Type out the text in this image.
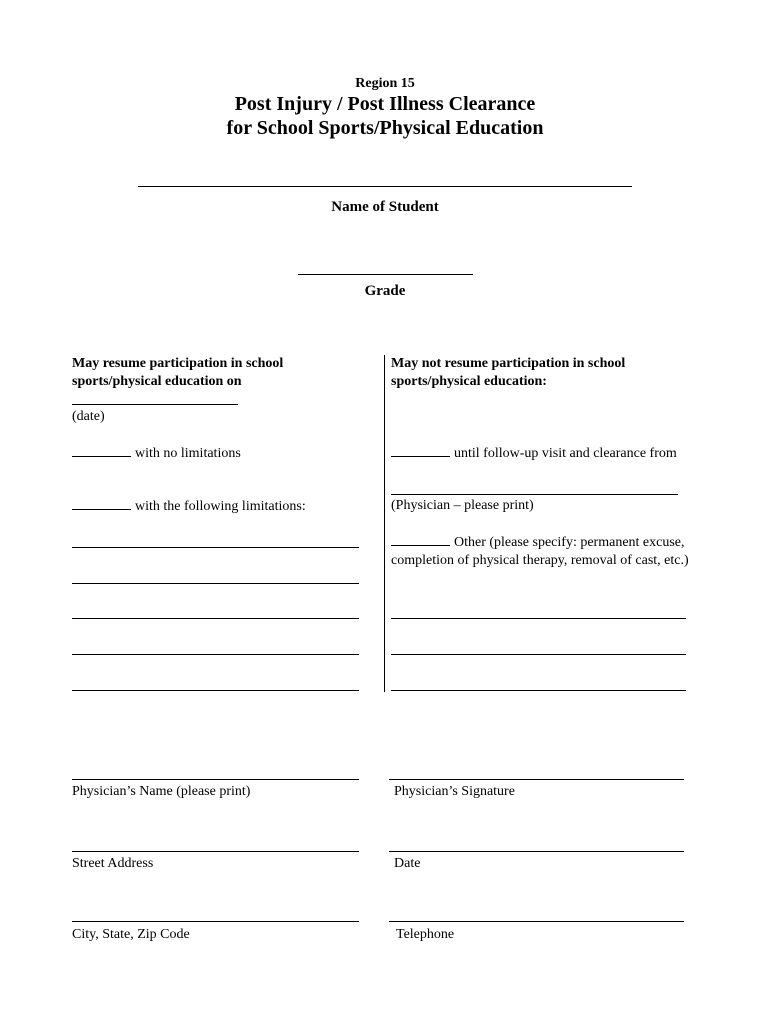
Region 15
Post Injury / Post Illness Clearance
for School Sports/Physical Education
Name of Student
Grade
May resume participation in school sports/physical education on
(date)
with no limitations
with the following limitations:
May not resume participation in school sports/physical education:
until follow-up visit and clearance from
(Physician – please print)
Other (please specify: permanent excuse, completion of physical therapy, removal of cast, etc.)
Physician’s Name (please print)	Physician’s Signature
Street Address	Date
City, State, Zip Code	Telephone
